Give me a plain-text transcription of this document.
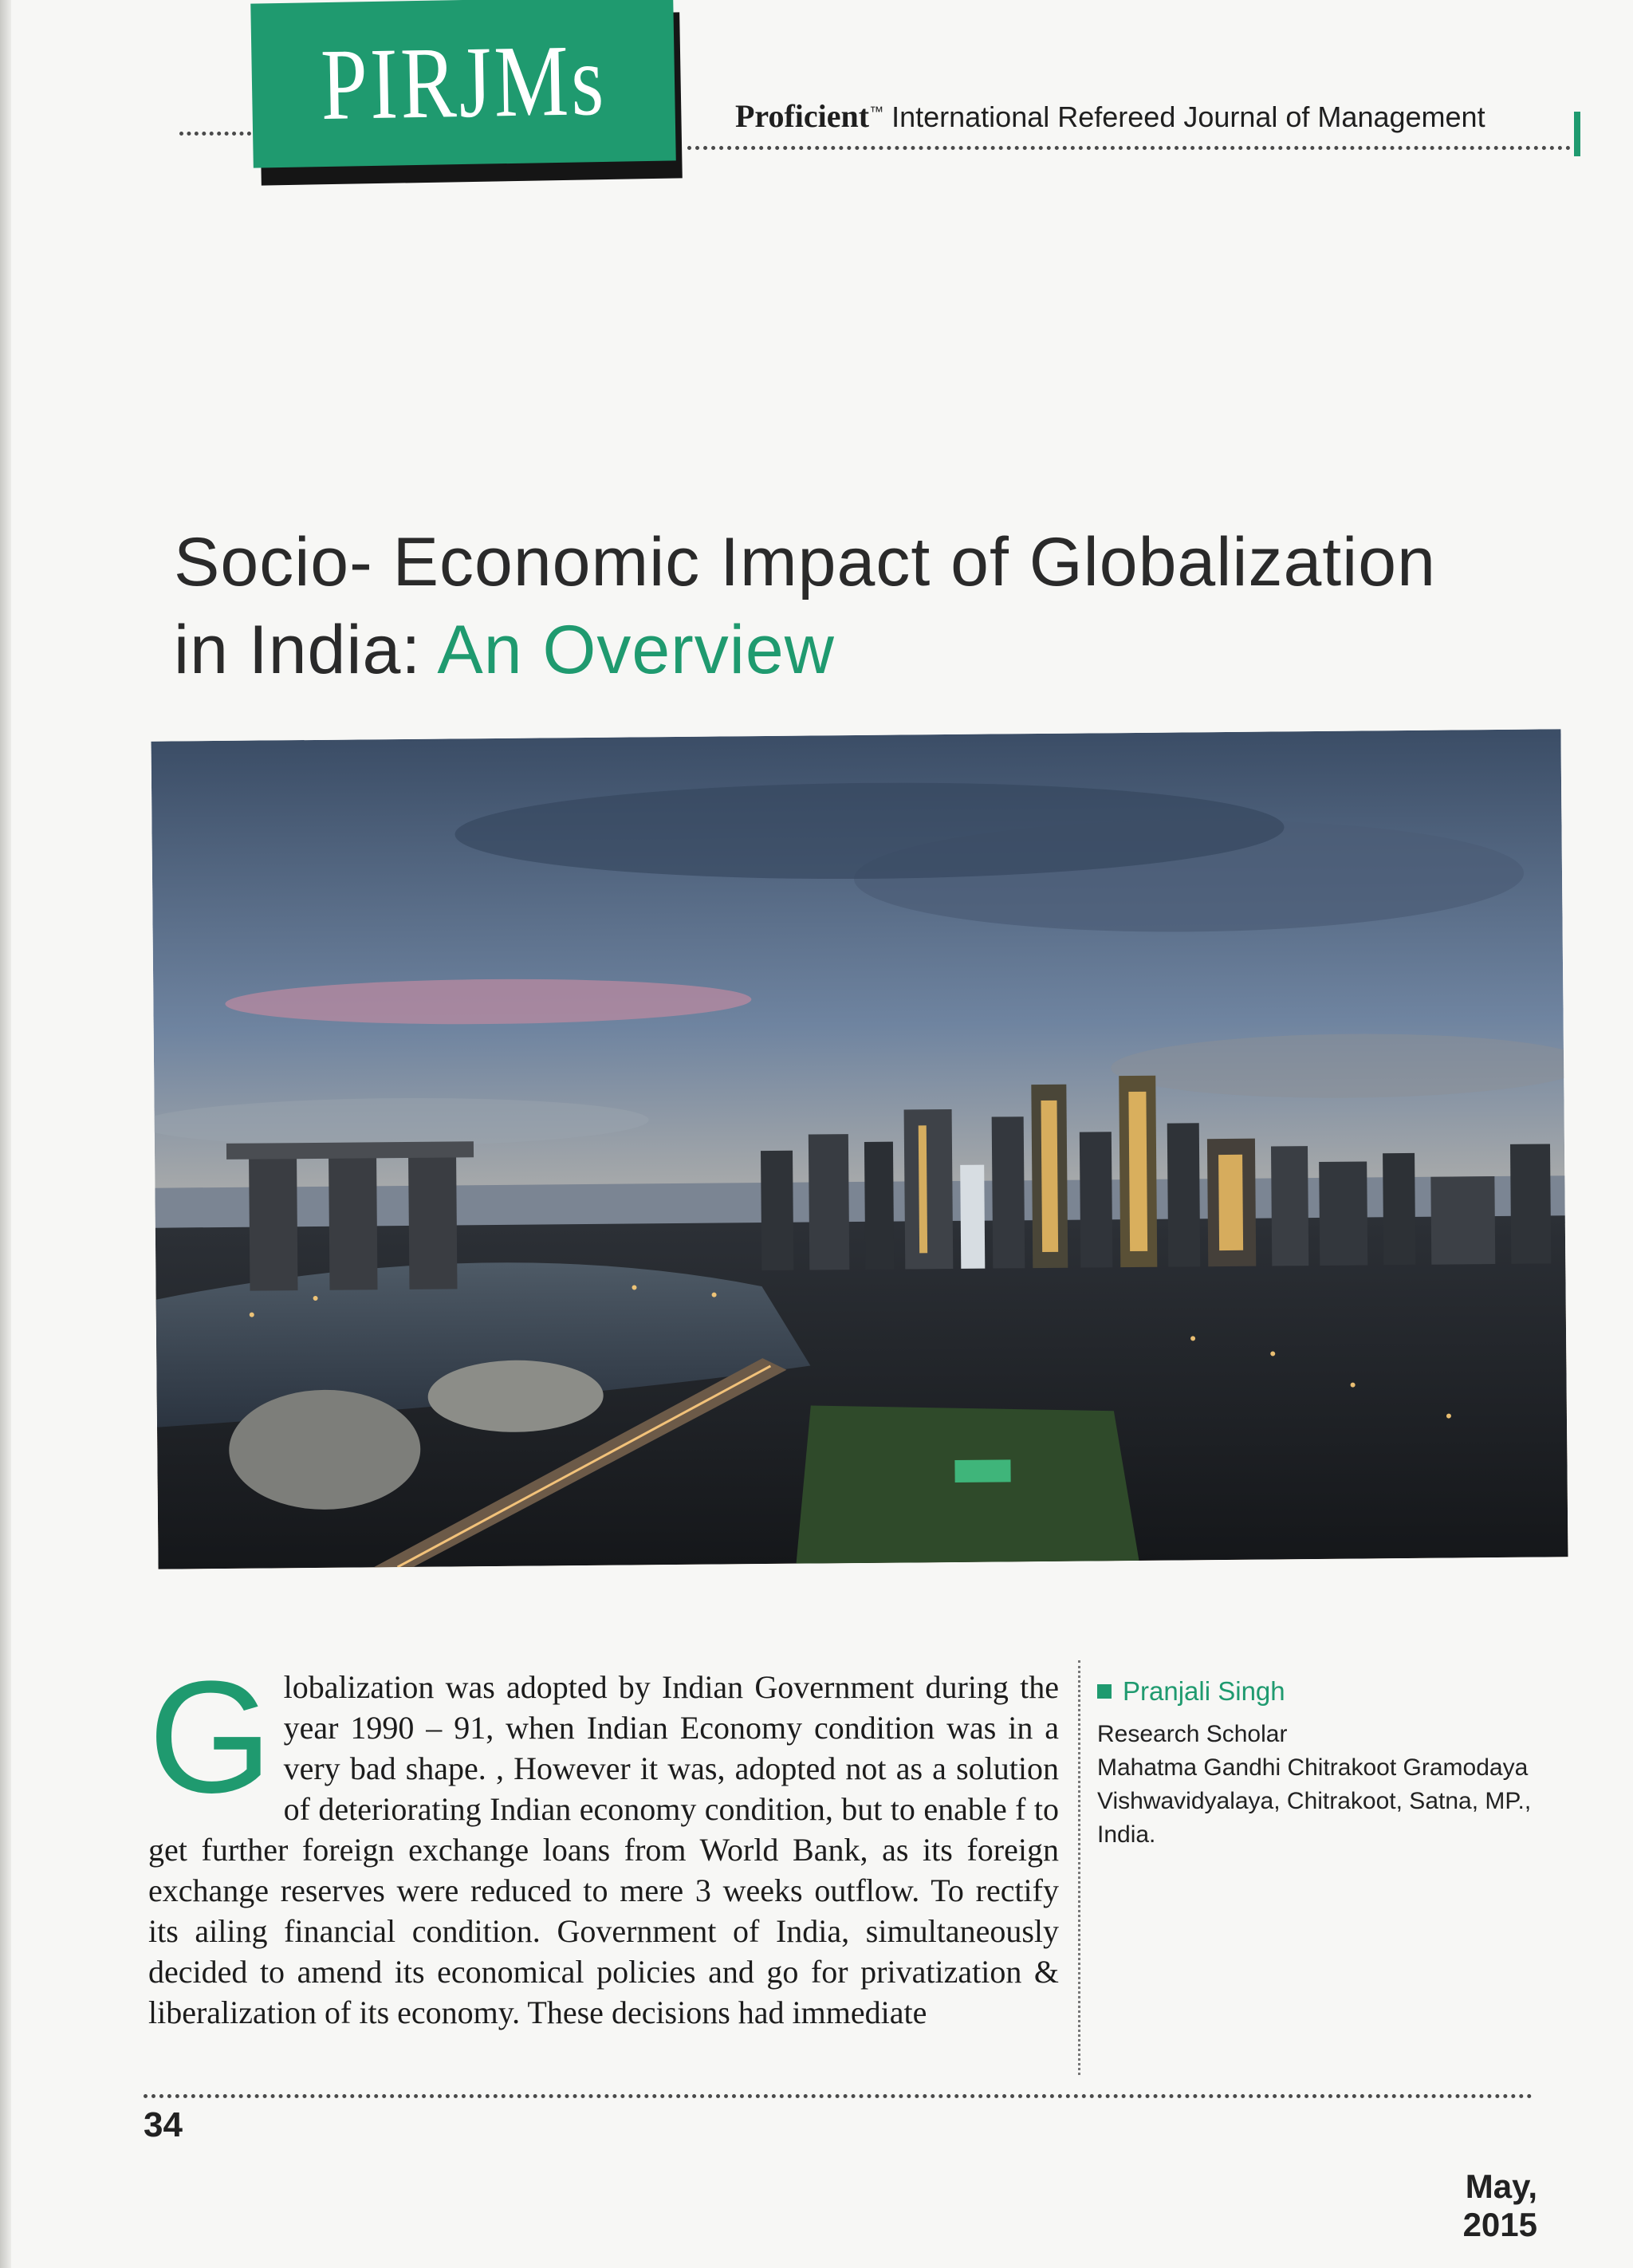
PIRJMs	Proficient™ International Refereed Journal of Management
Socio- Economic Impact of Globalization
in India: An Overview
Globalization was adopted by Indian Government during the year 1990 – 91, when Indian Economy condition was in a very bad shape. , However it was, adopted not as a solution of deteriorating Indian economy condition, but to enable f to get further foreign exchange loans from World Bank, as its foreign exchange reserves were reduced to mere 3 weeks outflow. To rectify its ailing financial condition. Government of India, simultaneously decided to amend its economical policies and go for privatization & liberalization of its economy. These decisions had immediate
Pranjali Singh
Research Scholar
Mahatma Gandhi Chitrakoot Gramodaya Vishwavidyalaya, Chitrakoot, Satna, MP., India.
34
May, 2015
